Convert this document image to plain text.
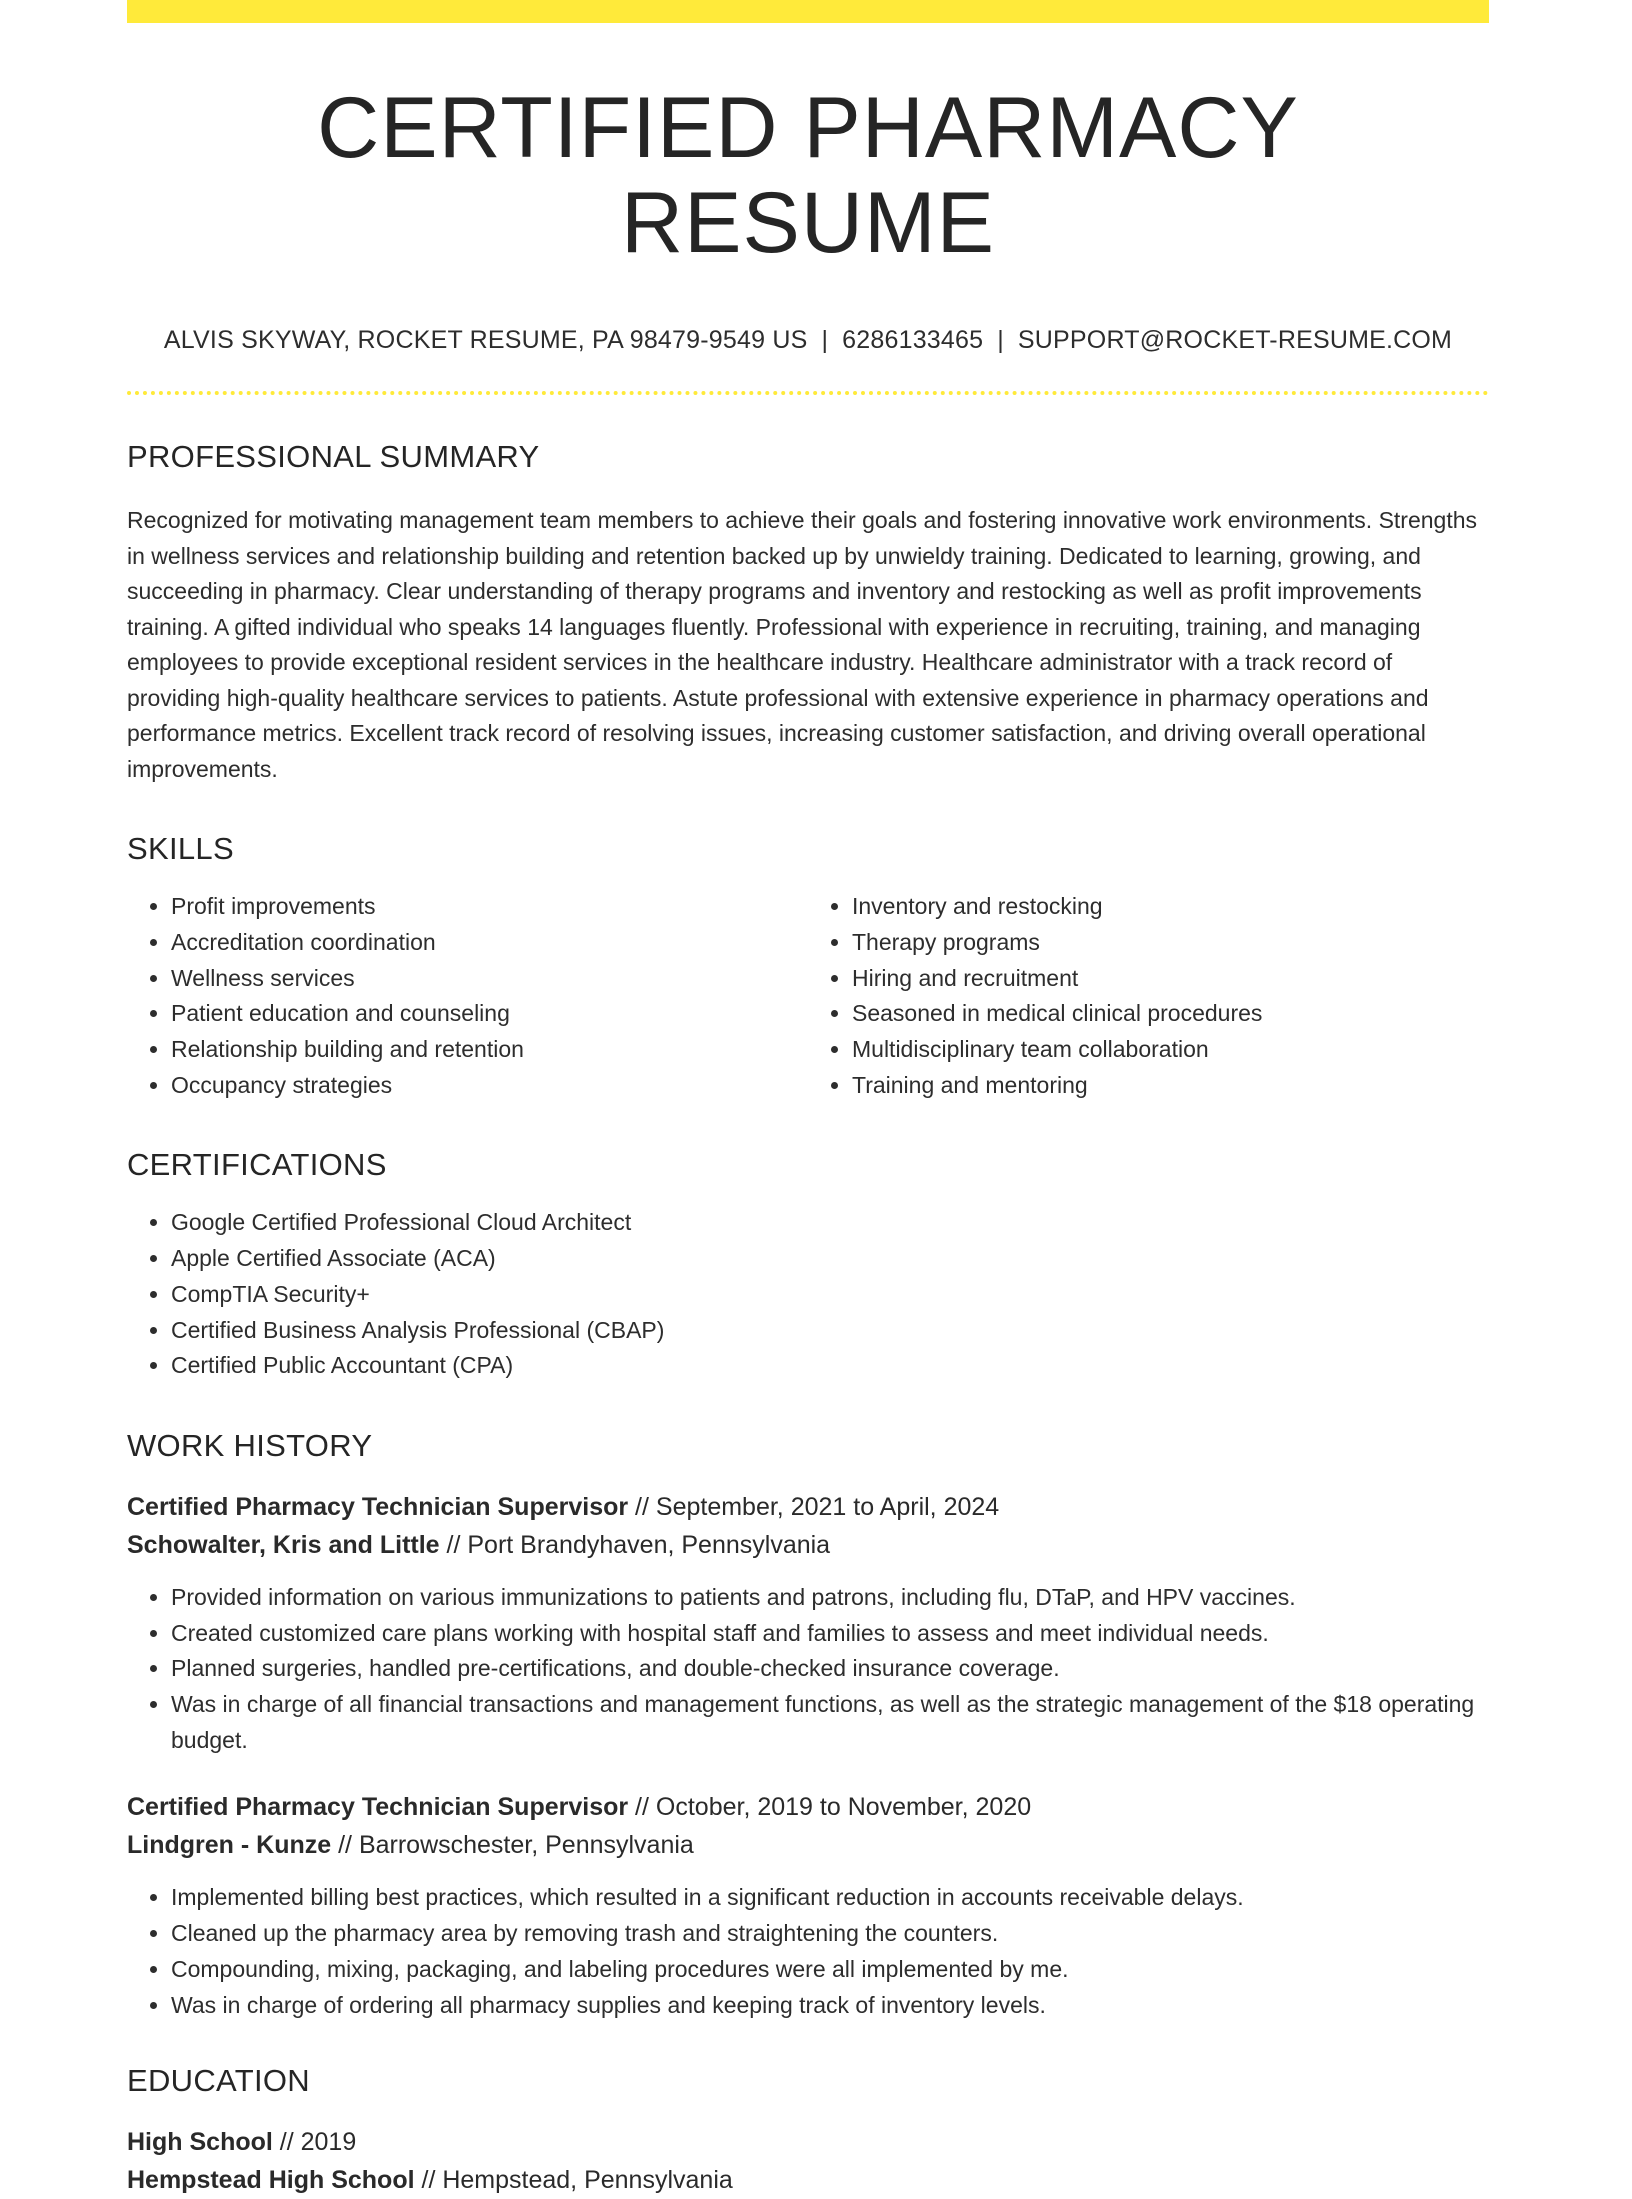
CERTIFIED PHARMACY RESUME
ALVIS SKYWAY, ROCKET RESUME, PA 98479-9549 US | 6286133465 | SUPPORT@ROCKET-RESUME.COM
PROFESSIONAL SUMMARY

Recognized for motivating management team members to achieve their goals and fostering innovative work environments. Strengths in wellness services and relationship building and retention backed up by unwieldy training. Dedicated to learning, growing, and succeeding in pharmacy. Clear understanding of therapy programs and inventory and restocking as well as profit improvements training. A gifted individual who speaks 14 languages fluently. Professional with experience in recruiting, training, and managing employees to provide exceptional resident services in the healthcare industry. Healthcare administrator with a track record of providing high-quality healthcare services to patients. Astute professional with extensive experience in pharmacy operations and performance metrics. Excellent track record of resolving issues, increasing customer satisfaction, and driving overall operational improvements.

SKILLS
• Profit improvements
• Accreditation coordination
• Wellness services
• Patient education and counseling
• Relationship building and retention
• Occupancy strategies
• Inventory and restocking
• Therapy programs
• Hiring and recruitment
• Seasoned in medical clinical procedures
• Multidisciplinary team collaboration
• Training and mentoring
CERTIFICATIONS
• Google Certified Professional Cloud Architect
• Apple Certified Associate (ACA)
• CompTIA Security+
• Certified Business Analysis Professional (CBAP)
• Certified Public Accountant (CPA)
WORK HISTORY
Certified Pharmacy Technician Supervisor // September, 2021 to April, 2024
Schowalter, Kris and Little // Port Brandyhaven, Pennsylvania
• Provided information on various immunizations to patients and patrons, including flu, DTaP, and HPV vaccines.
• Created customized care plans working with hospital staff and families to assess and meet individual needs.
• Planned surgeries, handled pre-certifications, and double-checked insurance coverage.
• Was in charge of all financial transactions and management functions, as well as the strategic management of the $18 operating budget.
Certified Pharmacy Technician Supervisor // October, 2019 to November, 2020
Lindgren - Kunze // Barrowschester, Pennsylvania
• Implemented billing best practices, which resulted in a significant reduction in accounts receivable delays.
• Cleaned up the pharmacy area by removing trash and straightening the counters.
• Compounding, mixing, packaging, and labeling procedures were all implemented by me.
• Was in charge of ordering all pharmacy supplies and keeping track of inventory levels.
EDUCATION
High School // 2019
Hempstead High School // Hempstead, Pennsylvania
